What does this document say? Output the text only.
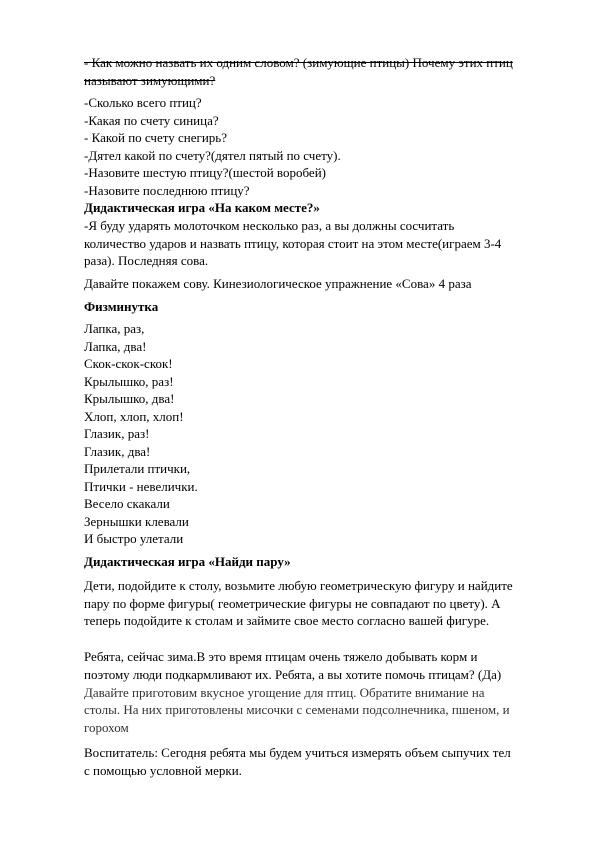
- Как можно назвать их одним словом? (зимующие птицы) Почему этих птиц
называют зимующими?
-Сколько всего птиц?
-Какая по счету синица?
- Какой по счету снегирь?
-Дятел какой по счету?(дятел пятый по счету).
-Назовите шестую птицу?(шестой воробей)
-Назовите последнюю птицу?
Дидактическая игра «На каком месте?»
-Я буду ударять молоточком несколько раз, а вы должны сосчитать
количество ударов и назвать птицу, которая стоит на этом месте(играем 3-4
раза). Последняя сова.
Давайте покажем сову. Кинезиологическое упражнение «Сова» 4 раза
Физминутка
Лапка, раз,
Лапка, два!
Скок-скок-скок!
Крылышко, раз!
Крылышко, два!
Хлоп, хлоп, хлоп!
Глазик, раз!
Глазик, два!
Прилетали птички,
Птички - невелички.
Весело скакали
Зернышки клевали
И быстро улетали
Дидактическая игра «Найди пару»
Дети, подойдите к столу, возьмите любую геометрическую фигуру и найдите
пару по форме фигуры( геометрические фигуры не совпадают по цвету). А
теперь подойдите к столам и займите свое место согласно вашей фигуре.
Ребята, сейчас зима.В это время птицам очень тяжело добывать корм и
поэтому люди подкармливают их. Ребята, а вы хотите помочь птицам? (Да)
Давайте приготовим вкусное угощение для птиц. Обратите внимание на
столы. На них приготовлены мисочки с семенами подсолнечника, пшеном, и
горохом
Воспитатель: Сегодня ребята мы будем учиться измерять объем сыпучих тел
с помощью условной мерки.
